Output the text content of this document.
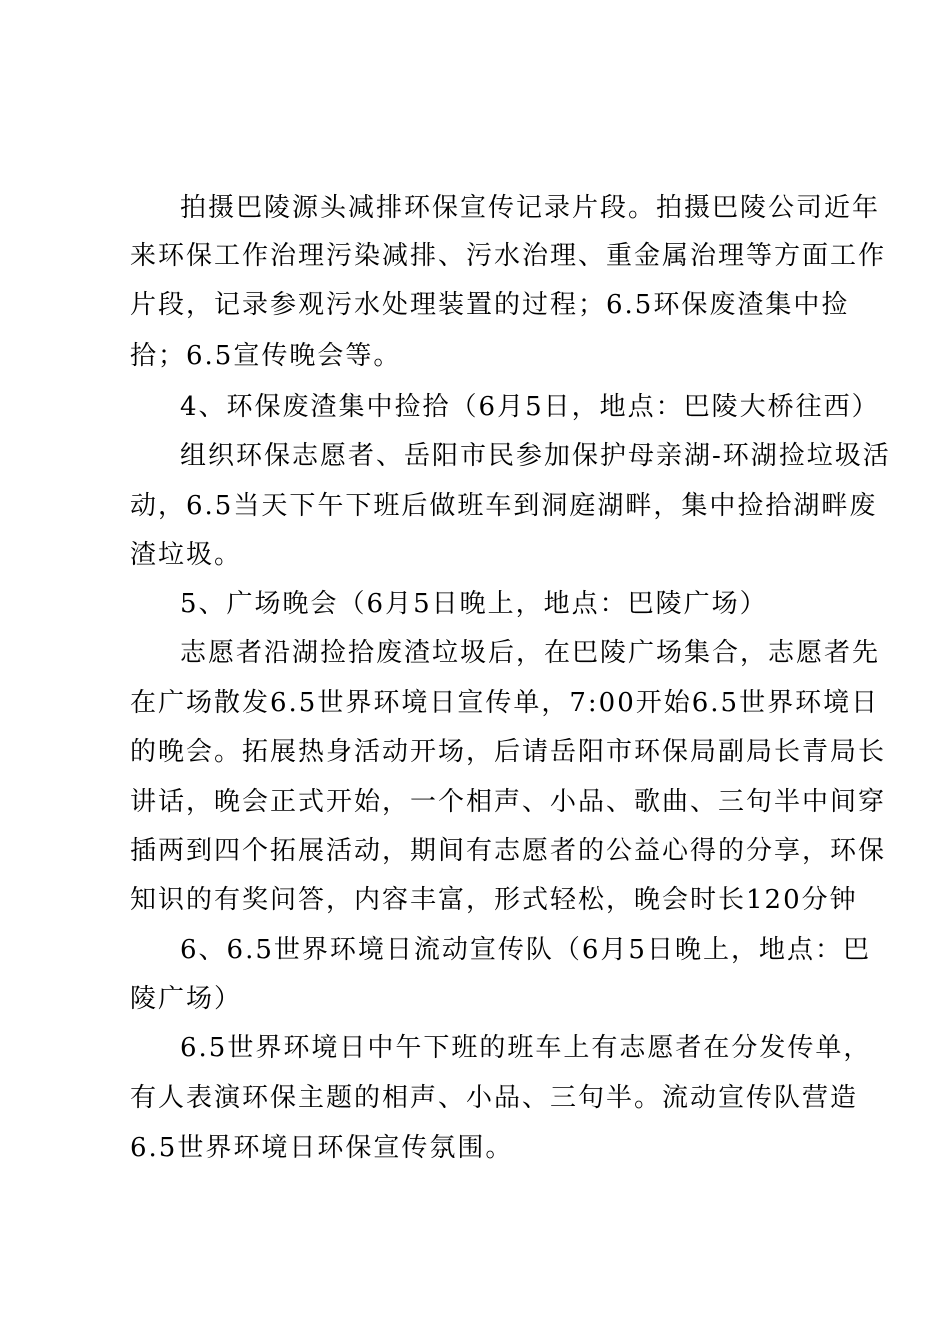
拍摄巴陵源头减排环保宣传记录片段。拍摄巴陵公司近年
来环保工作治理污染减排、污水治理、重金属治理等方面工作
片段，记录参观污水处理装置的过程；6.5环保废渣集中捡
拾；6.5宣传晚会等。
4、环保废渣集中捡拾（6月5日，地点：巴陵大桥往西）
组织环保志愿者、岳阳市民参加保护母亲湖-环湖捡垃圾活
动，6.5当天下午下班后做班车到洞庭湖畔，集中捡拾湖畔废
渣垃圾。
5、广场晚会（6月5日晚上，地点：巴陵广场）
志愿者沿湖捡拾废渣垃圾后，在巴陵广场集合，志愿者先
在广场散发6.5世界环境日宣传单，7:00开始6.5世界环境日
的晚会。拓展热身活动开场，后请岳阳市环保局副局长青局长
讲话，晚会正式开始，一个相声、小品、歌曲、三句半中间穿
插两到四个拓展活动，期间有志愿者的公益心得的分享，环保
知识的有奖问答，内容丰富，形式轻松，晚会时长120分钟
6、6.5世界环境日流动宣传队（6月5日晚上，地点：巴
陵广场）
6.5世界环境日中午下班的班车上有志愿者在分发传单，
有人表演环保主题的相声、小品、三句半。流动宣传队营造
6.5世界环境日环保宣传氛围。
